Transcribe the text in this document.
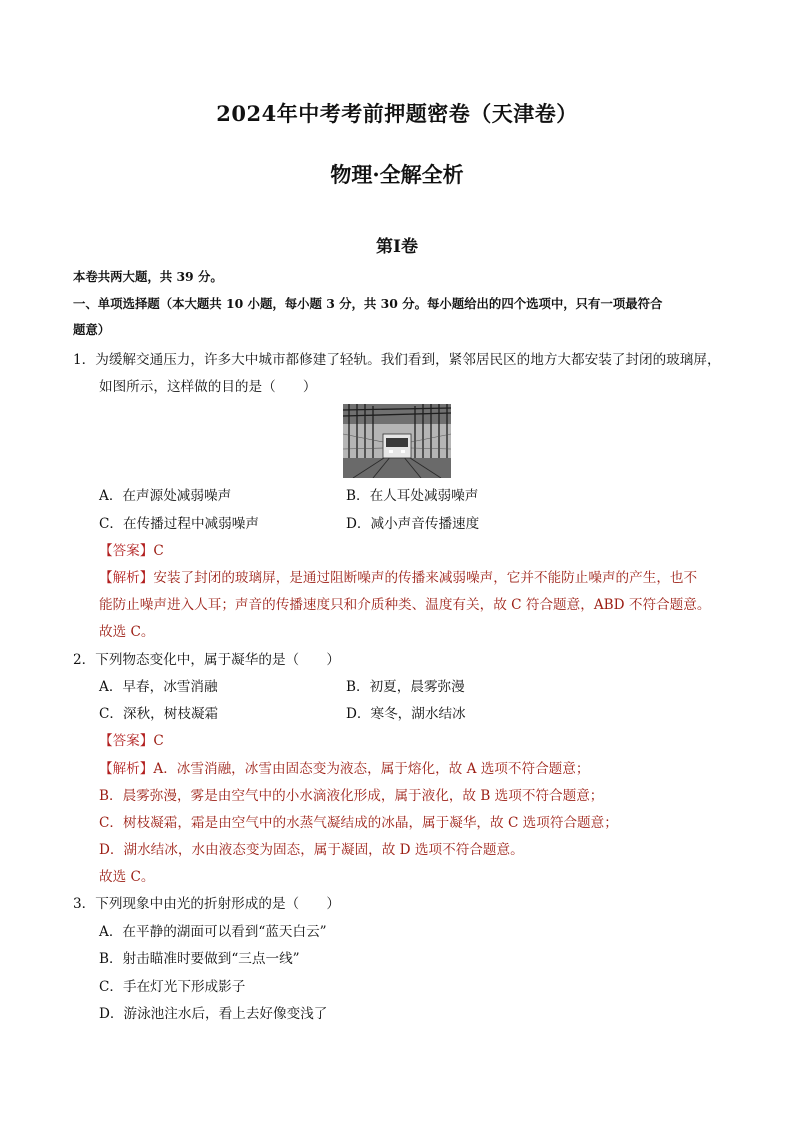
2024年中考考前押题密卷（天津卷）
物理·全解全析
第Ⅰ卷
本卷共两大题，共 39 分。
一、单项选择题（本大题共 10 小题，每小题 3 分，共 30 分。每小题给出的四个选项中，只有一项最符合
题意）
1．为缓解交通压力，许多大中城市都修建了轻轨。我们看到，紧邻居民区的地方大都安装了封闭的玻璃屏，
如图所示，这样做的目的是（　　）
A．在声源处减弱噪声	B．在人耳处减弱噪声
C．在传播过程中减弱噪声	D．减小声音传播速度
【答案】C
【解析】安装了封闭的玻璃屏，是通过阻断噪声的传播来减弱噪声，它并不能防止噪声的产生，也不
能防止噪声进入人耳；声音的传播速度只和介质种类、温度有关，故 C 符合题意，ABD 不符合题意。
故选 C。
2．下列物态变化中，属于凝华的是（　　）
A．早春，冰雪消融	B．初夏，晨雾弥漫
C．深秋，树枝凝霜	D．寒冬，湖水结冰
【答案】C
【解析】A．冰雪消融，冰雪由固态变为液态，属于熔化，故 A 选项不符合题意；
B．晨雾弥漫，雾是由空气中的小水滴液化形成，属于液化，故 B 选项不符合题意；
C．树枝凝霜，霜是由空气中的水蒸气凝结成的冰晶，属于凝华，故 C 选项符合题意；
D．湖水结冰，水由液态变为固态，属于凝固，故 D 选项不符合题意。
故选 C。
3．下列现象中由光的折射形成的是（　　）
A．在平静的湖面可以看到“蓝天白云”
B．射击瞄准时要做到“三点一线”
C．手在灯光下形成影子
D．游泳池注水后，看上去好像变浅了
